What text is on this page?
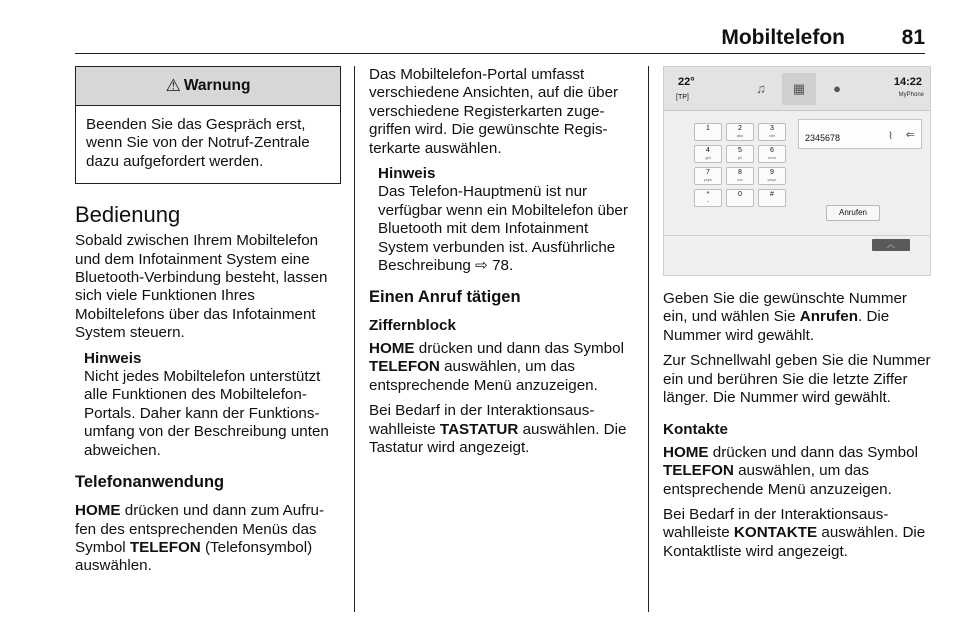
Mobiltelefon	81
⚠ Warnung
Beenden Sie das Gespräch erst, wenn Sie von der Notruf-Zentrale dazu aufgefordert werden.
Bedienung

Sobald zwischen Ihrem Mobiltelefon und dem Infotainment System eine Bluetooth-Verbindung besteht, lassen sich viele Funktionen Ihres Mobiltelefons über das Infotainment System steuern.

Hinweis
Nicht jedes Mobiltelefon unterstützt alle Funktionen des Mobiltelefon-Portals. Daher kann der Funktions-umfang von der Beschreibung unten abweichen.
Telefonanwendung

HOME drücken und dann zum Aufru-fen des entsprechenden Menüs das Symbol TELEFON (Telefonsymbol) auswählen.

Das Mobiltelefon-Portal umfasst verschiedene Ansichten, auf die über verschiedene Registerkarten zuge-griffen wird. Die gewünschte Regis-terkarte auswählen.

Hinweis
Das Telefon-Hauptmenü ist nur verfügbar wenn ein Mobiltelefon über Bluetooth mit dem Infotainment System verbunden ist. Ausführliche Beschreibung ⇨ 78.
Einen Anruf tätigen
Ziffernblock

HOME drücken und dann das Symbol TELEFON auswählen, um das entsprechende Menü anzuzeigen.

Bei Bedarf in der Interaktionsaus-wahlleiste TASTATUR auswählen. Die Tastatur wird angezeigt.

22°
[TP]
♫	▦	●	14:22
MyPhone
1	2
abc
3
def
4
ghi
5
jkl
6
mno
7
pqrs
8
tuv
9
wxyz
*
+
0	#
2345678	⌇ ⇐
Anrufen
︿

Geben Sie die gewünschte Nummer ein, und wählen Sie Anrufen. Die Nummer wird gewählt.

Zur Schnellwahl geben Sie die Nummer ein und berühren Sie die letzte Ziffer länger. Die Nummer wird gewählt.

Kontakte

HOME drücken und dann das Symbol TELEFON auswählen, um das entsprechende Menü anzuzeigen.

Bei Bedarf in der Interaktionsaus-wahlleiste KONTAKTE auswählen. Die Kontaktliste wird angezeigt.
